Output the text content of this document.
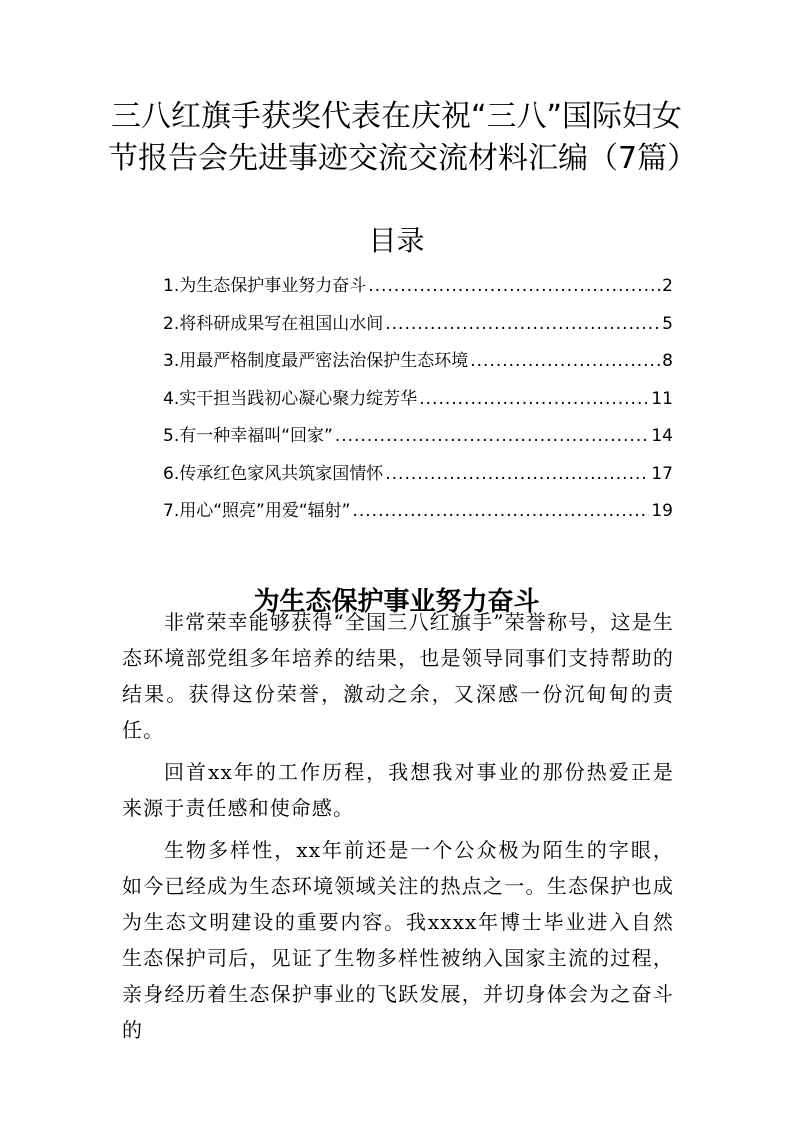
三八红旗手获奖代表在庆祝“三八”国际妇女节报告会先进事迹交流交流材料汇编（7篇）
目录
1.为生态保护事业努力奋斗 .....	2
2.将科研成果写在祖国山水间 .....	5
3.用最严格制度最严密法治保护生态环境 .....	8
4.实干担当践初心凝心聚力绽芳华 .....	11
5.有一种幸福叫“回家” .....	14
6.传承红色家风共筑家国情怀 .....	17
7.用心“照亮”用爱“辐射” .....	19
为生态保护事业努力奋斗

非常荣幸能够获得“全国三八红旗手”荣誉称号，这是生态环境部党组多年培养的结果，也是领导同事们支持帮助的结果。获得这份荣誉，激动之余，又深感一份沉甸甸的责任。

回首xx年的工作历程，我想我对事业的那份热爱正是来源于责任感和使命感。

生物多样性，xx年前还是一个公众极为陌生的字眼，如今已经成为生态环境领域关注的热点之一。生态保护也成为生态文明建设的重要内容。我xxxx年博士毕业进入自然生态保护司后，见证了生物多样性被纳入国家主流的过程，亲身经历着生态保护事业的飞跃发展，并切身体会为之奋斗的
